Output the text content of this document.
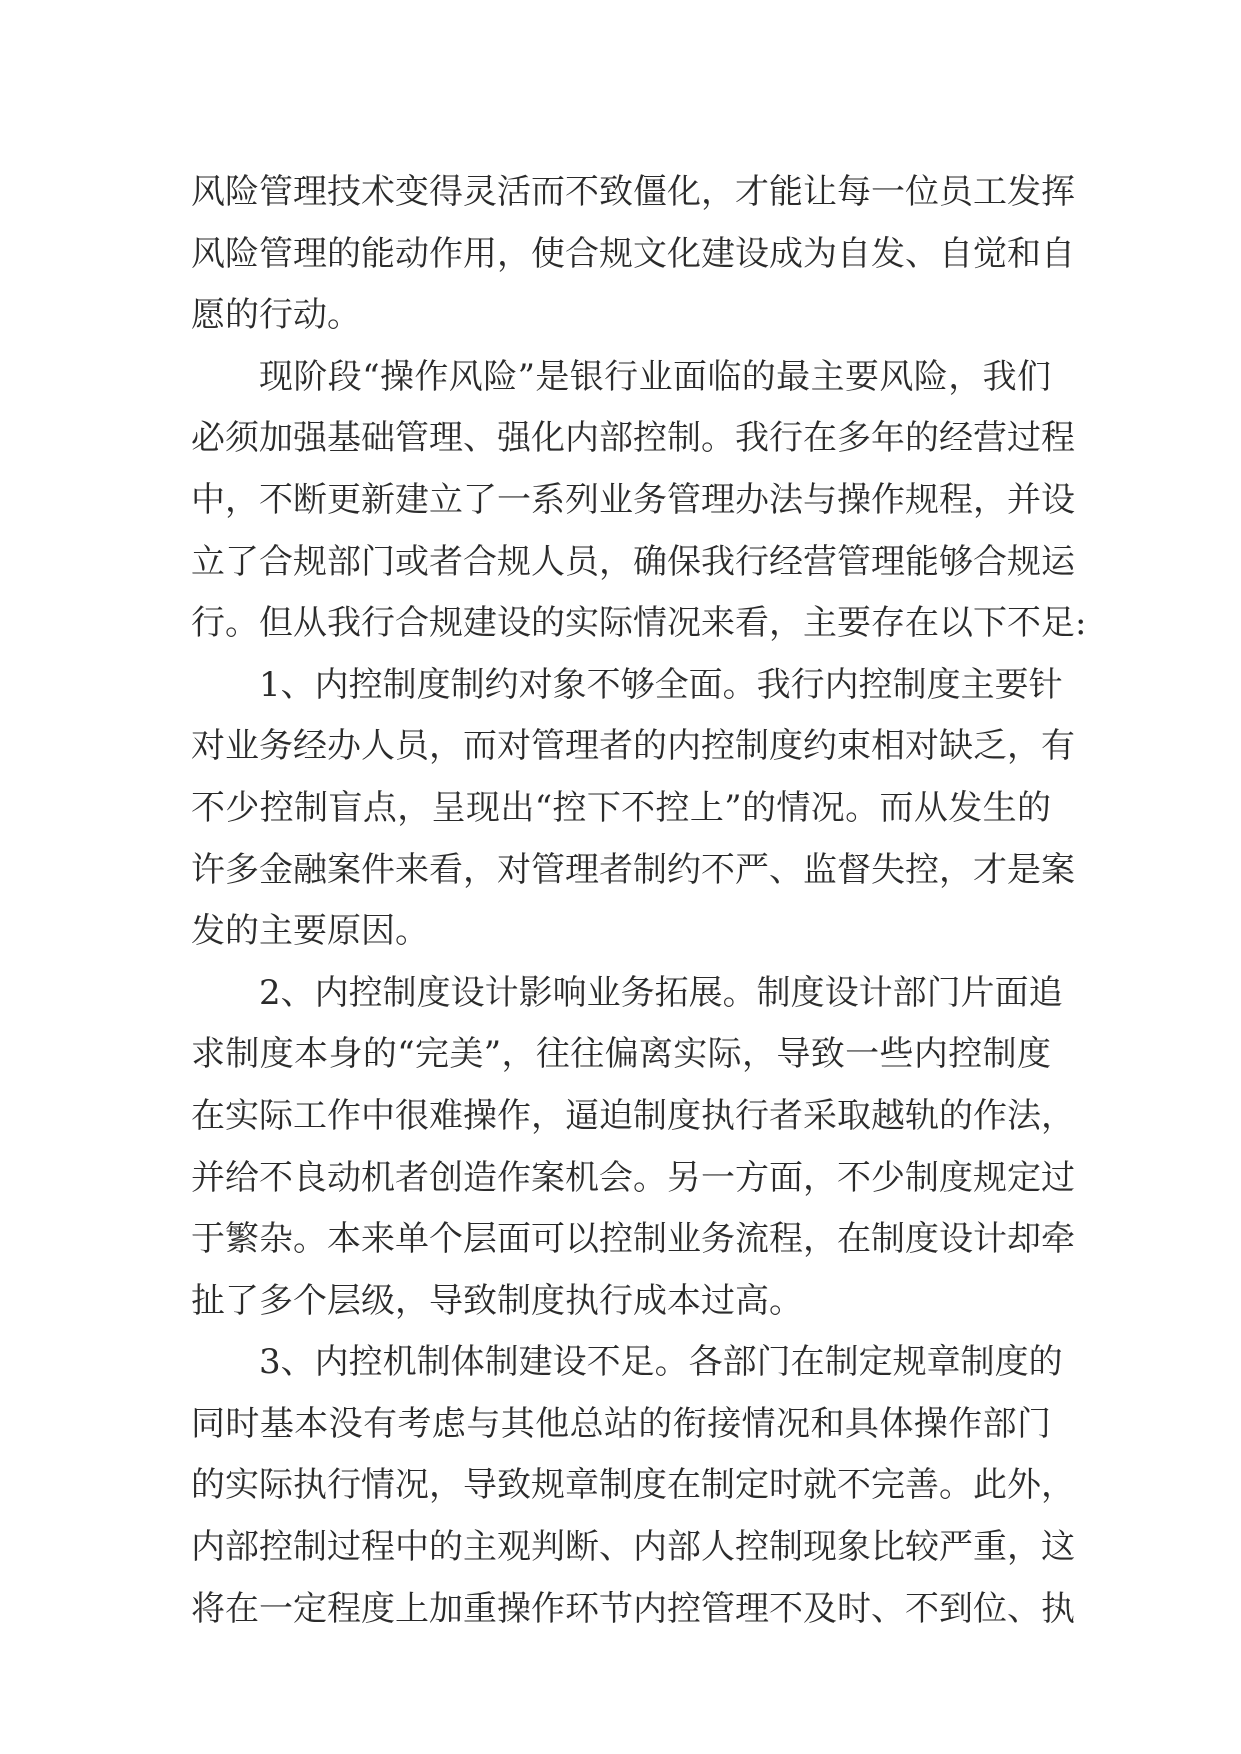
风险管理技术变得灵活而不致僵化，才能让每一位员工发挥
风险管理的能动作用，使合规文化建设成为自发、自觉和自
愿的行动。
现阶段“操作风险”是银行业面临的最主要风险，我们
必须加强基础管理、强化内部控制。我行在多年的经营过程
中，不断更新建立了一系列业务管理办法与操作规程，并设
立了合规部门或者合规人员，确保我行经营管理能够合规运
行。但从我行合规建设的实际情况来看，主要存在以下不足:
1、内控制度制约对象不够全面。我行内控制度主要针
对业务经办人员，而对管理者的内控制度约束相对缺乏，有
不少控制盲点，呈现出“控下不控上”的情况。而从发生的
许多金融案件来看，对管理者制约不严、监督失控，才是案
发的主要原因。
2、内控制度设计影响业务拓展。制度设计部门片面追
求制度本身的“完美”，往往偏离实际，导致一些内控制度
在实际工作中很难操作，逼迫制度执行者采取越轨的作法，
并给不良动机者创造作案机会。另一方面，不少制度规定过
于繁杂。本来单个层面可以控制业务流程，在制度设计却牵
扯了多个层级，导致制度执行成本过高。
3、内控机制体制建设不足。各部门在制定规章制度的
同时基本没有考虑与其他总站的衔接情况和具体操作部门
的实际执行情况，导致规章制度在制定时就不完善。此外，
内部控制过程中的主观判断、内部人控制现象比较严重，这
将在一定程度上加重操作环节内控管理不及时、不到位、执
